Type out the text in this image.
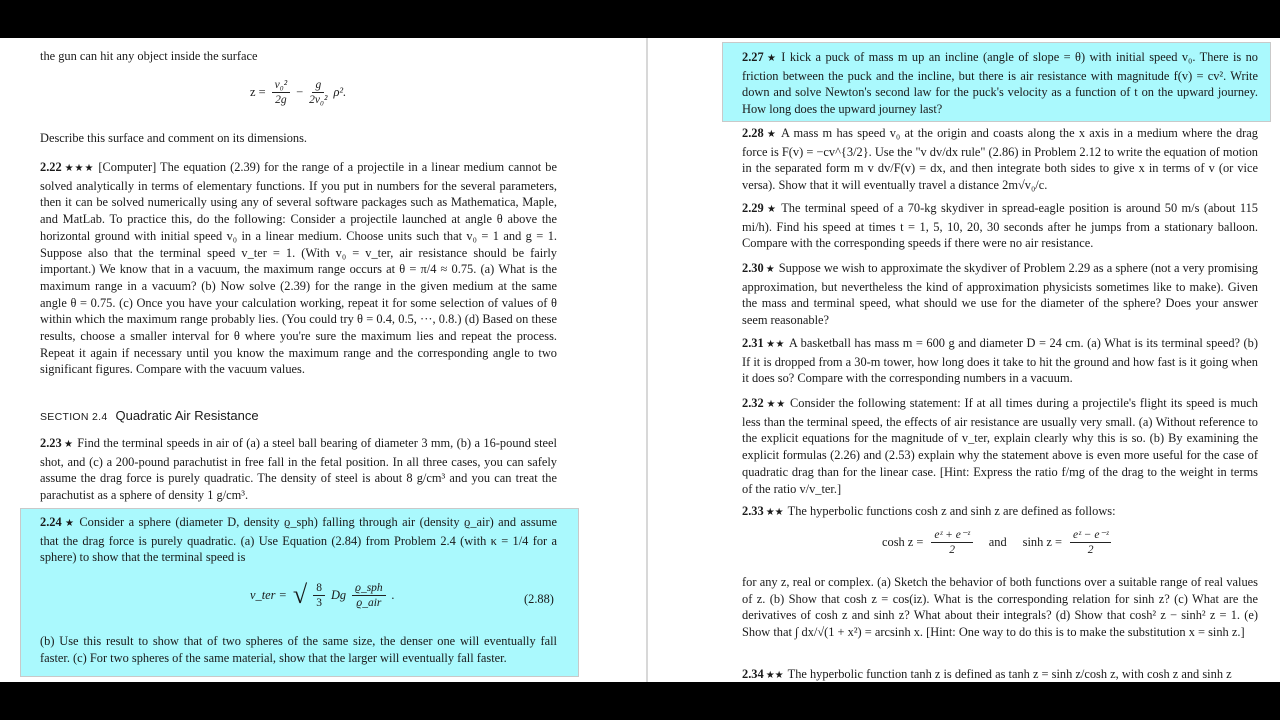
the gun can hit any object inside the surface
$z = \frac{\text{v₀²}}{2g} - \frac{g}{\text{2v₀²}} \rho^2$.
Describe this surface and comment on its dimensions.
2.22 ★★★ [Computer] The equation (2.39) for the range of a projectile in a linear medium cannot be solved analytically in terms of elementary functions. If you put in numbers for the several parameters, then it can be solved numerically using any of several software packages such as Mathematica, Maple, and MatLab. To practice this, do the following: Consider a projectile launched at angle θ above the horizontal ground with initial speed v₀ in a linear medium. Choose units such that v₀ = 1 and g = 1. Suppose also that the terminal speed v_ter = 1. (With v₀ = v_ter, air resistance should be fairly important.) We know that in a vacuum, the maximum range occurs at θ = π/4 ≈ 0.75. (a) What is the maximum range in a vacuum? (b) Now solve (2.39) for the range in the given medium at the same angle θ = 0.75. (c) Once you have your calculation working, repeat it for some selection of values of θ within which the maximum range probably lies. (You could try θ = 0.4, 0.5, ···, 0.8.) (d) Based on these results, choose a smaller interval for θ where you're sure the maximum lies and repeat the process. Repeat it again if necessary until you know the maximum range and the corresponding angle to two significant figures. Compare with the vacuum values.
SECTION 2.4 Quadratic Air Resistance
2.23 ★ Find the terminal speeds in air of (a) a steel ball bearing of diameter 3 mm, (b) a 16-pound steel shot, and (c) a 200-pound parachutist in free fall in the fetal position. In all three cases, you can safely assume the drag force is purely quadratic. The density of steel is about 8 g/cm³ and you can treat the parachutist as a sphere of density 1 g/cm³.
2.24 ★ Consider a sphere (diameter D, density ϱ_sph) falling through air (density ϱ_air) and assume that the drag force is purely quadratic. (a) Use Equation (2.84) from Problem 2.4 (with κ = 1/4 for a sphere) to show that the terminal speed is
v_ter = √ $\frac{8}{3}$ Dg $\frac{\text{ϱ\_sph}}{\text{ϱ\_air}}$ .	(2.88)
(b) Use this result to show that of two spheres of the same size, the denser one will eventually fall faster. (c) For two spheres of the same material, show that the larger will eventually fall faster.
2.27 ★ I kick a puck of mass m up an incline (angle of slope = θ) with initial speed v₀. There is no friction between the puck and the incline, but there is air resistance with magnitude f(v) = cv². Write down and solve Newton's second law for the puck's velocity as a function of t on the upward journey. How long does the upward journey last?
2.28 ★ A mass m has speed v₀ at the origin and coasts along the x axis in a medium where the drag force is F(v) = −cv^{3/2}. Use the "v dv/dx rule" (2.86) in Problem 2.12 to write the equation of motion in the separated form m v dv/F(v) = dx, and then integrate both sides to give x in terms of v (or vice versa). Show that it will eventually travel a distance 2m√v₀/c.
2.29 ★ The terminal speed of a 70-kg skydiver in spread-eagle position is around 50 m/s (about 115 mi/h). Find his speed at times t = 1, 5, 10, 20, 30 seconds after he jumps from a stationary balloon. Compare with the corresponding speeds if there were no air resistance.
2.30 ★ Suppose we wish to approximate the skydiver of Problem 2.29 as a sphere (not a very promising approximation, but nevertheless the kind of approximation physicists sometimes like to make). Given the mass and terminal speed, what should we use for the diameter of the sphere? Does your answer seem reasonable?
2.31 ★★ A basketball has mass m = 600 g and diameter D = 24 cm. (a) What is its terminal speed? (b) If it is dropped from a 30-m tower, how long does it take to hit the ground and how fast is it going when it does so? Compare with the corresponding numbers in a vacuum.
2.32 ★★ Consider the following statement: If at all times during a projectile's flight its speed is much less than the terminal speed, the effects of air resistance are usually very small. (a) Without reference to the explicit equations for the magnitude of v_ter, explain clearly why this is so. (b) By examining the explicit formulas (2.26) and (2.53) explain why the statement above is even more useful for the case of quadratic drag than for the linear case. [Hint: Express the ratio f/mg of the drag to the weight in terms of the ratio v/v_ter.]
2.33 ★★ The hyperbolic functions cosh z and sinh z are defined as follows:
$\cosh z = \frac{\text{eᶻ + e⁻ᶻ}}{2}$ and $\sinh z = \frac{\text{eᶻ − e⁻ᶻ}}{2}$
for any z, real or complex. (a) Sketch the behavior of both functions over a suitable range of real values of z. (b) Show that cosh z = cos(iz). What is the corresponding relation for sinh z? (c) What are the derivatives of cosh z and sinh z? What about their integrals? (d) Show that cosh² z − sinh² z = 1. (e) Show that ∫ dx/√(1 + x²) = arcsinh x. [Hint: One way to do this is to make the substitution x = sinh z.]
2.34 ★★ The hyperbolic function tanh z is defined as tanh z = sinh z/cosh z, with cosh z and sinh z
